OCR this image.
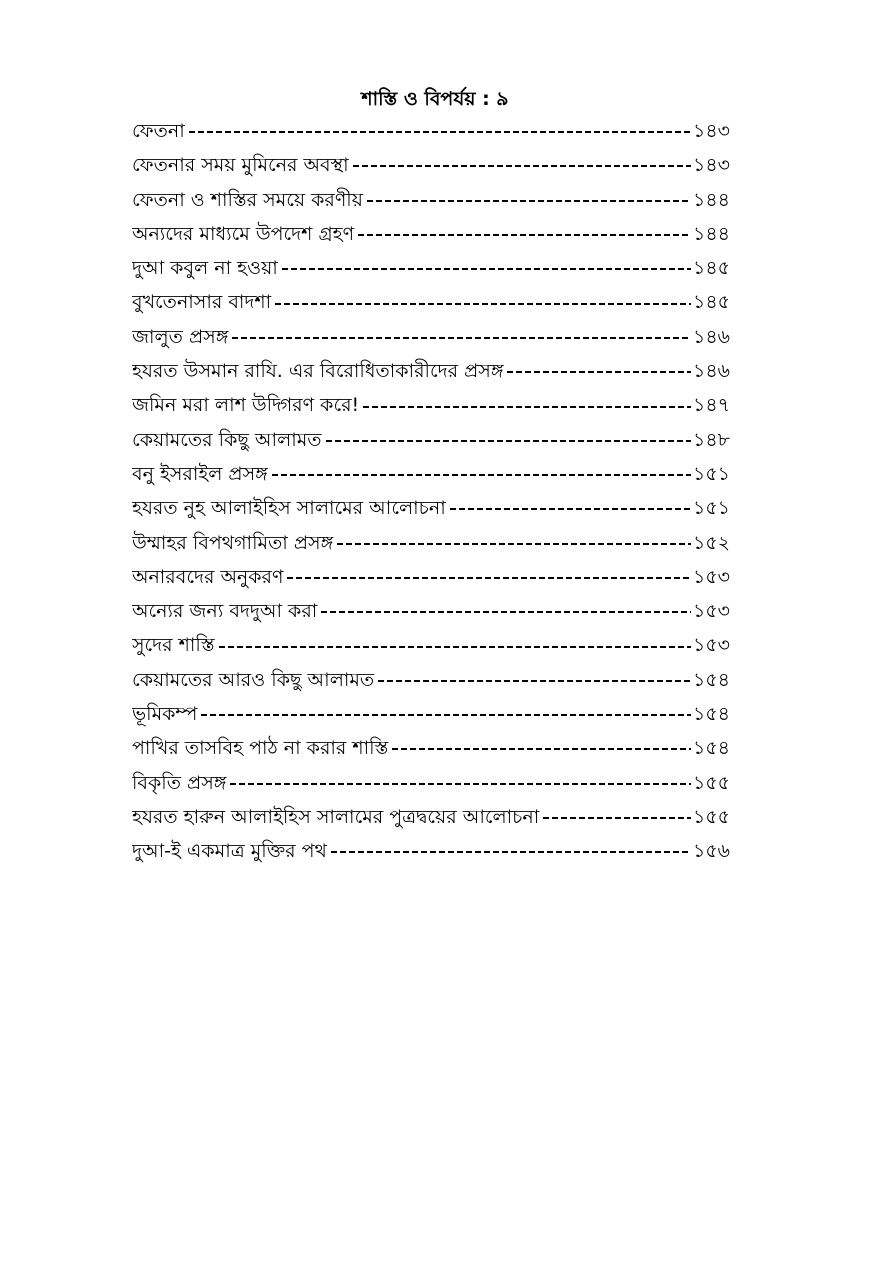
শাস্তি ও বিপর্যয় : ৯
ফেতনা	১৪৩
ফেতনার সময় মুমিনের অবস্থা	১৪৩
ফেতনা ও শাস্তির সময়ে করণীয়	১৪৪
অন্যদের মাধ্যমে উপদেশ গ্রহণ	১৪৪
দুআ কবুল না হওয়া	১৪৫
বুখতেনাসার বাদশা	১৪৫
জালুত প্রসঙ্গ	১৪৬
হযরত উসমান রাযি. এর বিরোধিতাকারীদের প্রসঙ্গ	১৪৬
জমিন মরা লাশ উদ্গিরণ করে!	১৪৭
কেয়ামতের কিছু আলামত	১৪৮
বনু ইসরাইল প্রসঙ্গ	১৫১
হযরত নুহ আলাইহিস সালামের আলোচনা	১৫১
উম্মাহর বিপথগামিতা প্রসঙ্গ	১৫২
অনারবদের অনুকরণ	১৫৩
অন্যের জন্য বদদুআ করা	১৫৩
সুদের শাস্তি	১৫৩
কেয়ামতের আরও কিছু আলামত	১৫৪
ভূমিকম্প	১৫৪
পাখির তাসবিহ পাঠ না করার শাস্তি	১৫৪
বিকৃতি প্রসঙ্গ	১৫৫
হযরত হারুন আলাইহিস সালামের পুত্রদ্বয়ের আলোচনা	১৫৫
দুআ-ই একমাত্র মুক্তির পথ	১৫৬
